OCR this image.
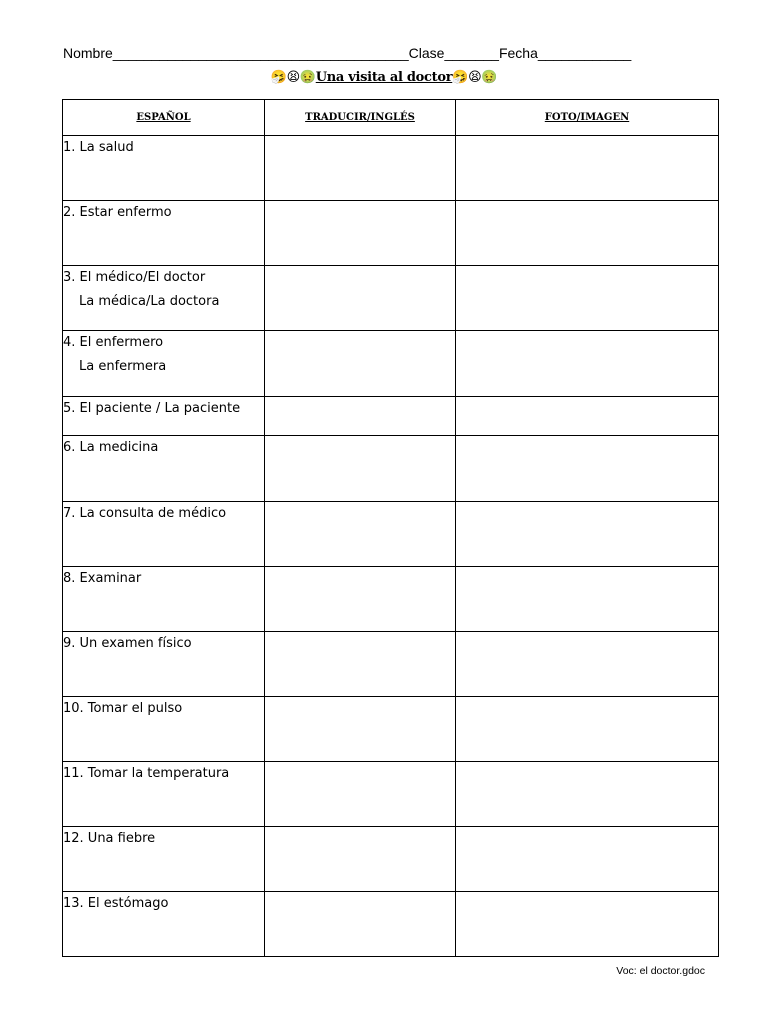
Nombre______________________________________Clase_______Fecha____________
🤧😫🤢Una visita al doctor🤧😫🤢
ESPAÑOL	TRADUCIR/INGLÉS	FOTO/IMAGEN

1. La salud		

2. Estar enfermo		

3. El médico/El doctor
La médica/La doctora		

4. El enfermero
La enfermera		

5. El paciente / La paciente		

6. La medicina		

7. La consulta de médico		

8. Examinar		

9. Un examen físico		

10. Tomar el pulso		

11. Tomar la temperatura		

12. Una fiebre		

13. El estómago		

Voc: el doctor.gdoc
